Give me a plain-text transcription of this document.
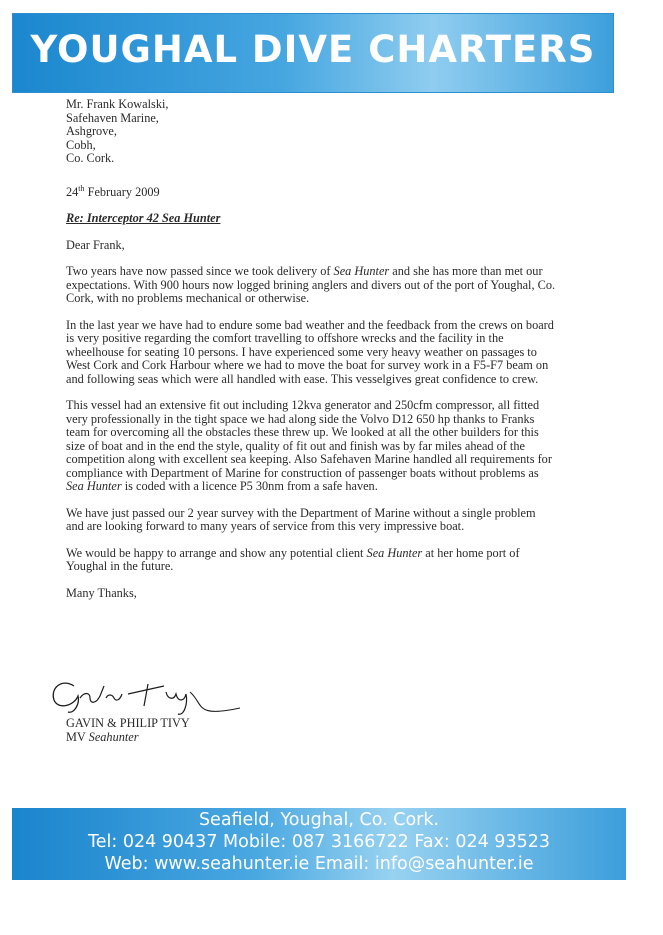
YOUGHAL DIVE CHARTERS
Mr. Frank Kowalski,
Safehaven Marine,
Ashgrove,
Cobh,
Co. Cork.
24th February 2009
Re: Interceptor 42 Sea Hunter
Dear Frank,
Two years have now passed since we took delivery of Sea Hunter and she has more than met our expectations. With 900 hours now logged brining anglers and divers out of the port of Youghal, Co. Cork, with no problems mechanical or otherwise.
In the last year we have had to endure some bad weather and the feedback from the crews on board is very positive regarding the comfort travelling to offshore wrecks and the facility in the wheelhouse for seating 10 persons. I have experienced some very heavy weather on passages to West Cork and Cork Harbour where we had to move the boat for survey work in a F5-F7 beam on and following seas which were all handled with ease. This vesselgives great confidence to crew.
This vessel had an extensive fit out including 12kva generator and 250cfm compressor, all fitted very professionally in the tight space we had along side the Volvo D12 650 hp thanks to Franks team for overcoming all the obstacles these threw up. We looked at all the other builders for this size of boat and in the end the style, quality of fit out and finish was by far miles ahead of the competition along with excellent sea keeping. Also Safehaven Marine handled all requirements for compliance with Department of Marine for construction of passenger boats without problems as Sea Hunter is coded with a licence P5 30nm from a safe haven.
We have just passed our 2 year survey with the Department of Marine without a single problem and are looking forward to many years of service from this very impressive boat.
We would be happy to arrange and show any potential client Sea Hunter at her home port of Youghal in the future.
Many Thanks,
GAVIN & PHILIP TIVY
MV Seahunter
Seafield, Youghal, Co. Cork.
Tel: 024 90437 Mobile: 087 3166722 Fax: 024 93523
Web: www.seahunter.ie Email: info@seahunter.ie
